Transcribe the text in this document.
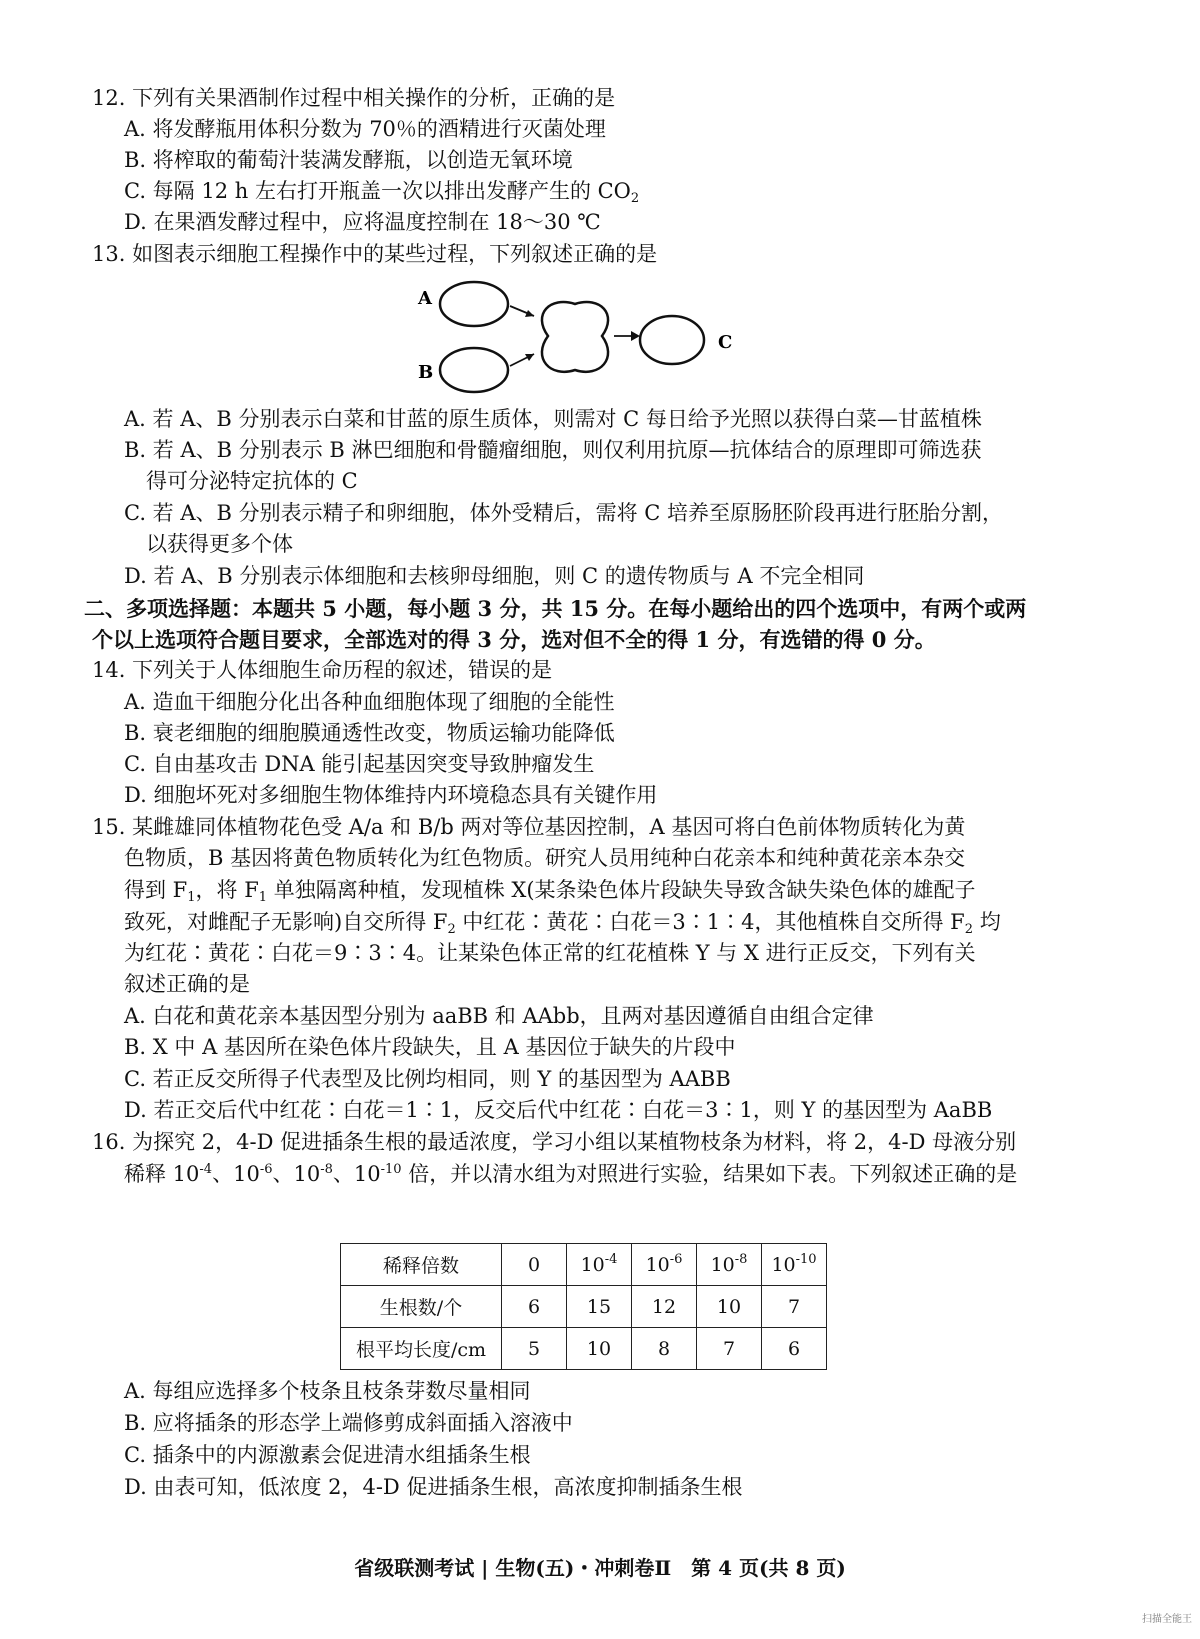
12. 下列有关果酒制作过程中相关操作的分析，正确的是
A. 将发酵瓶用体积分数为 70％的酒精进行灭菌处理
B. 将榨取的葡萄汁装满发酵瓶，以创造无氧环境
C. 每隔 12 h 左右打开瓶盖一次以排出发酵产生的 $CO_2$
D. 在果酒发酵过程中，应将温度控制在 18～30 ℃
13. 如图表示细胞工程操作中的某些过程，下列叙述正确的是
A
B
C
A. 若 A、B 分别表示白菜和甘蓝的原生质体，则需对 C 每日给予光照以获得白菜—甘蓝植株
B. 若 A、B 分别表示 B 淋巴细胞和骨髓瘤细胞，则仅利用抗原—抗体结合的原理即可筛选获
得可分泌特定抗体的 C
C. 若 A、B 分别表示精子和卵细胞，体外受精后，需将 C 培养至原肠胚阶段再进行胚胎分割，
以获得更多个体
D. 若 A、B 分别表示体细胞和去核卵母细胞，则 C 的遗传物质与 A 不完全相同
二、多项选择题：本题共 5 小题，每小题 3 分，共 15 分。在每小题给出的四个选项中，有两个或两
个以上选项符合题目要求，全部选对的得 3 分，选对但不全的得 1 分，有选错的得 0 分。
14. 下列关于人体细胞生命历程的叙述，错误的是
A. 造血干细胞分化出各种血细胞体现了细胞的全能性
B. 衰老细胞的细胞膜通透性改变，物质运输功能降低
C. 自由基攻击 DNA 能引起基因突变导致肿瘤发生
D. 细胞坏死对多细胞生物体维持内环境稳态具有关键作用
15. 某雌雄同体植物花色受 A/a 和 B/b 两对等位基因控制，A 基因可将白色前体物质转化为黄
色物质，B 基因将黄色物质转化为红色物质。研究人员用纯种白花亲本和纯种黄花亲本杂交
得到 $F_1$，将 $F_1$ 单独隔离种植，发现植株 X(某条染色体片段缺失导致含缺失染色体的雄配子
致死，对雌配子无影响)自交所得 $F_2$ 中红花∶黄花∶白花＝3∶1∶4，其他植株自交所得 $F_2$ 均
为红花∶黄花∶白花＝9∶3∶4。让某染色体正常的红花植株 Y 与 X 进行正反交，下列有关
叙述正确的是
A. 白花和黄花亲本基因型分别为 aaBB 和 AAbb，且两对基因遵循自由组合定律
B. X 中 A 基因所在染色体片段缺失，且 A 基因位于缺失的片段中
C. 若正反交所得子代表型及比例均相同，则 Y 的基因型为 AABB
D. 若正交后代中红花∶白花＝1∶1，反交后代中红花∶白花＝3∶1，则 Y 的基因型为 AaBB
16. 为探究 2，4-D 促进插条生根的最适浓度，学习小组以某植物枝条为材料，将 2，4-D 母液分别
稀释 $10^{-4}$、$10^{-6}$、$10^{-8}$、$10^{-10}$ 倍，并以清水组为对照进行实验，结果如下表。下列叙述正确的是
稀释倍数	0	$10^{-4}$	$10^{-6}$	$10^{-8}$	$10^{-10}$
生根数/个	6	15	12	10	7
根平均长度/cm	5	10	8	7	6
A. 每组应选择多个枝条且枝条芽数尽量相同
B. 应将插条的形态学上端修剪成斜面插入溶液中
C. 插条中的内源激素会促进清水组插条生根
D. 由表可知，低浓度 2，4-D 促进插条生根，高浓度抑制插条生根
省级联测考试 | 生物(五)・冲刺卷Ⅱ　第 4 页(共 8 页)
扫描全能王
